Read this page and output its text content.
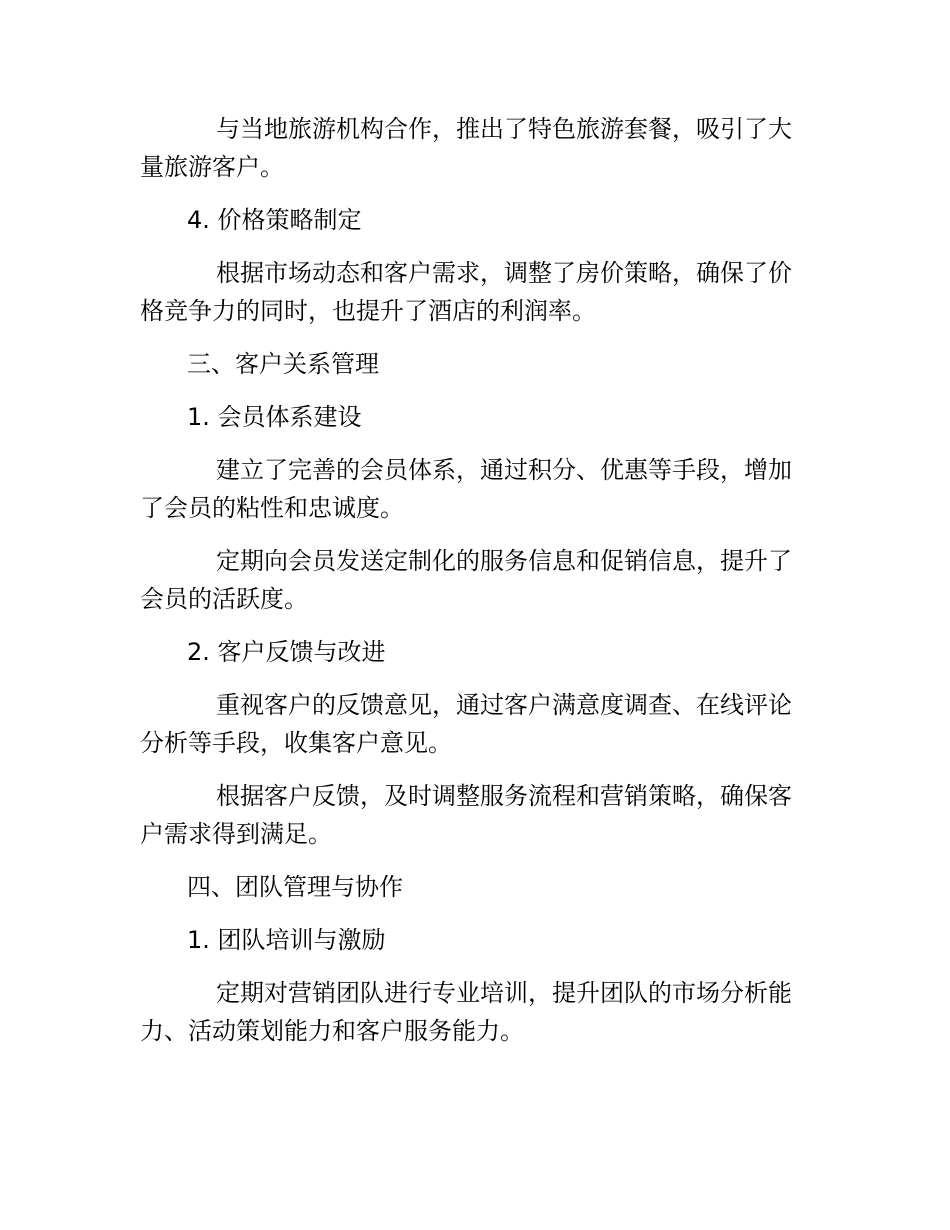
与当地旅游机构合作，推出了特色旅游套餐，吸引了大量旅游客户。

4. 价格策略制定

根据市场动态和客户需求，调整了房价策略，确保了价格竞争力的同时，也提升了酒店的利润率。

三、客户关系管理

1. 会员体系建设

建立了完善的会员体系，通过积分、优惠等手段，增加了会员的粘性和忠诚度。

定期向会员发送定制化的服务信息和促销信息，提升了会员的活跃度。

2. 客户反馈与改进

重视客户的反馈意见，通过客户满意度调查、在线评论分析等手段，收集客户意见。

根据客户反馈，及时调整服务流程和营销策略，确保客户需求得到满足。

四、团队管理与协作

1. 团队培训与激励

定期对营销团队进行专业培训，提升团队的市场分析能力、活动策划能力和客户服务能力。
